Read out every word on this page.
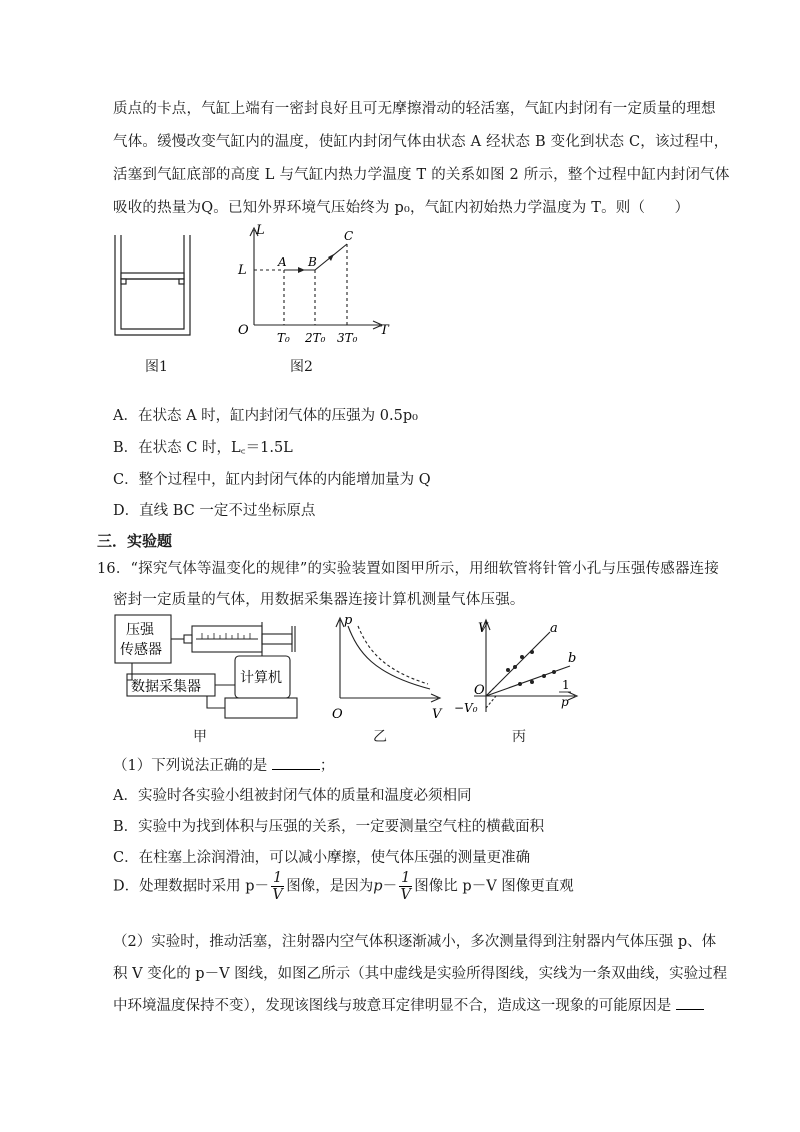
质点的卡点，气缸上端有一密封良好且可无摩擦滑动的轻活塞，气缸内封闭有一定质量的理想
气体。缓慢改变气缸内的温度，使缸内封闭气体由状态 A 经状态 B 变化到状态 C，该过程中，
活塞到气缸底部的高度 L 与气缸内热力学温度 T 的关系如图 2 所示，整个过程中缸内封闭气体
吸收的热量为Q。已知外界环境气压始终为 p₀，气缸内初始热力学温度为 T。则（　　）
图1
L
T
O
L
A B
C
T₀ 2T₀ 3T₀
图2
A．在状态 A 时，缸内封闭气体的压强为 0.5p₀
B．在状态 C 时，L꜀＝1.5L
C．整个过程中，缸内封闭气体的内能增加量为 Q
D．直线 BC 一定不过坐标原点
三．实验题
16．“探究气体等温变化的规律”的实验装置如图甲所示，用细软管将针管小孔与压强传感器连接
密封一定质量的气体，用数据采集器连接计算机测量气体压强。
压强
传感器
数据采集器
计算机
甲
p
V
O
乙
V	a
b
O
−V₀
1
p
丙
（1）下列说法正确的是	；
A．实验时各实验小组被封闭气体的质量和温度必须相同
B．实验中为找到体积与压强的关系，一定要测量空气柱的横截面积
C．在柱塞上涂润滑油，可以减小摩擦，使气体压强的测量更准确
D．处理数据时采用 $p- \frac{1}{V}$ 图像，是因为$p- \frac{1}{V}$ 图像比 p－V 图像更直观
（2）实验时，推动活塞，注射器内空气体积逐渐减小，多次测量得到注射器内气体压强 p、体
积 V 变化的 p－V 图线，如图乙所示（其中虚线是实验所得图线，实线为一条双曲线，实验过程
中环境温度保持不变），发现该图线与玻意耳定律明显不合，造成这一现象的可能原因是
